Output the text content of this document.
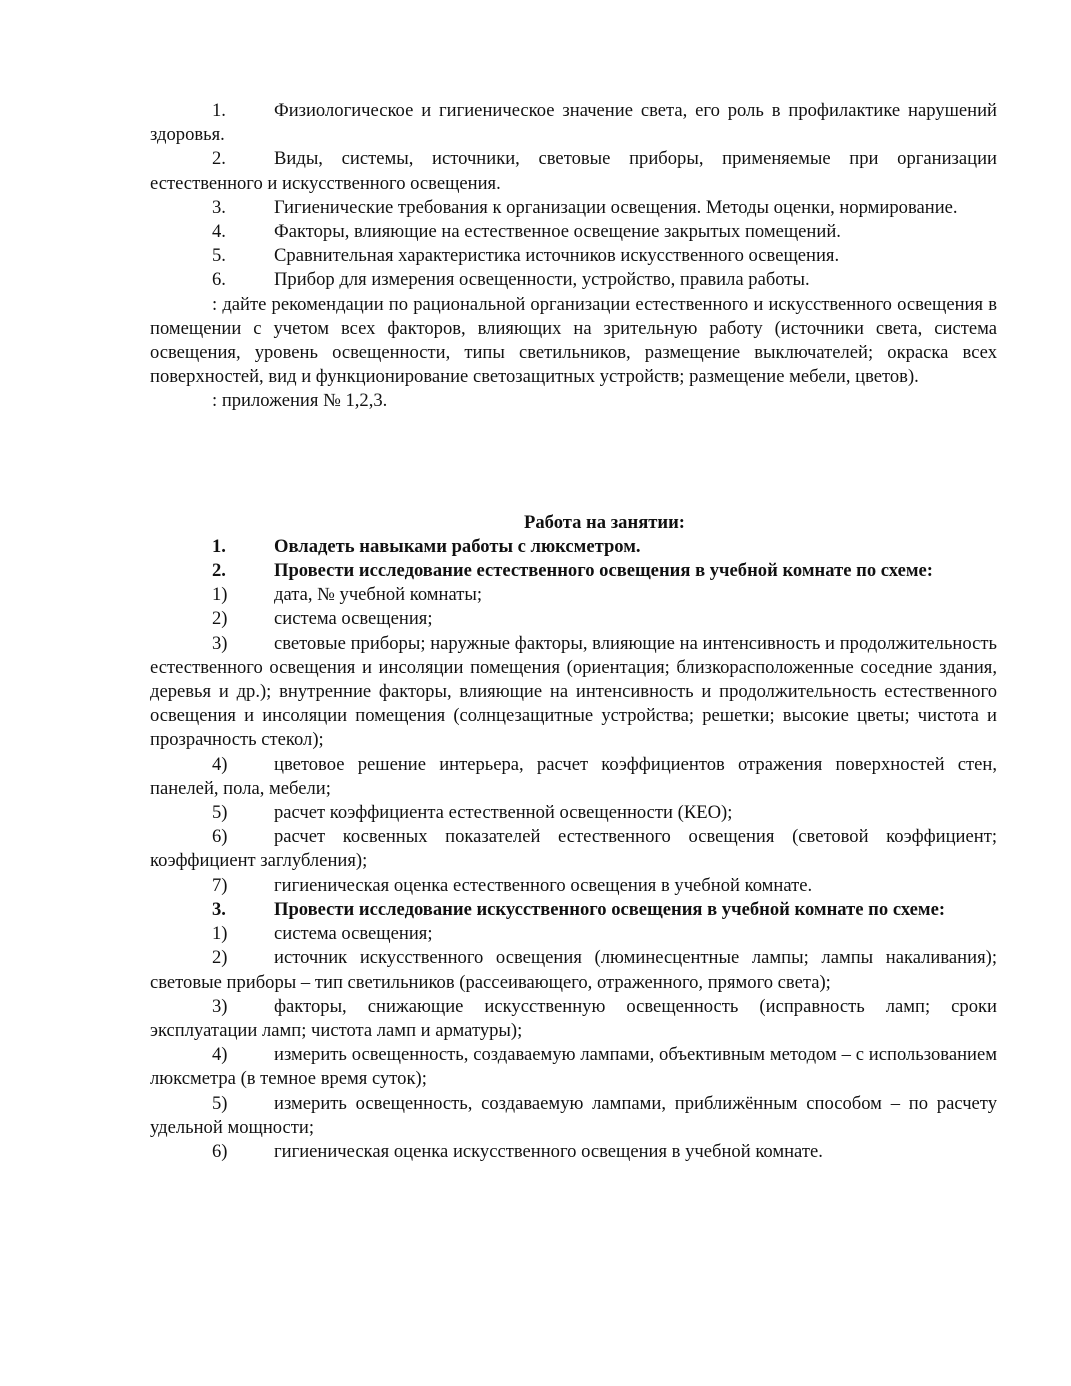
1.	Физиологическое и гигиеническое значение света, его роль в профилактике нарушений здоровья.
2.	Виды, системы, источники, световые приборы, применяемые при организации естественного и искусственного освещения.
3.	Гигиенические требования к организации освещения. Методы оценки, нормирование.
4.	Факторы, влияющие на естественное освещение закрытых помещений.
5.	Сравнительная характеристика источников искусственного освещения.
6.	Прибор для измерения освещенности, устройство, правила работы.
: дайте рекомендации по рациональной организации естественного и искусственного освещения в помещении с учетом всех факторов, влияющих на зрительную работу (источники света, система освещения, уровень освещенности, типы светильников, размещение выключателей; окраска всех поверхностей, вид и функционирование светозащитных устройств; размещение мебели, цветов).
: приложения № 1,2,3.
Работа на занятии:
1.	Овладеть навыками работы с люксметром.
2.	Провести исследование естественного освещения в учебной комнате по схеме:
1)	дата, № учебной комнаты;
2)	система освещения;
3)	световые приборы; наружные факторы, влияющие на интенсивность и продолжительность естественного освещения и инсоляции помещения (ориентация; близкорасположенные соседние здания, деревья и др.); внутренние факторы, влияющие на интенсивность и продолжительность естественного освещения и инсоляции помещения (солнцезащитные устройства; решетки; высокие цветы; чистота и прозрачность стекол);
4)	цветовое решение интерьера, расчет коэффициентов отражения поверхностей стен, панелей, пола, мебели;
5)	расчет коэффициента естественной освещенности (КЕО);
6)	расчет косвенных показателей естественного освещения (световой коэффициент; коэффициент заглубления);
7)	гигиеническая оценка естественного освещения в учебной комнате.
3.	Провести исследование искусственного освещения в учебной комнате по схеме:
1)	система освещения;
2)	источник искусственного освещения (люминесцентные лампы; лампы накаливания); световые приборы – тип светильников (рассеивающего, отраженного, прямого света);
3)	факторы, снижающие искусственную освещенность (исправность ламп; сроки эксплуатации ламп; чистота ламп и арматуры);
4)	измерить освещенность, создаваемую лампами, объективным методом – с использованием люксметра (в темное время суток);
5)	измерить освещенность, создаваемую лампами, приближённым способом – по расчету удельной мощности;
6)	гигиеническая оценка искусственного освещения в учебной комнате.
